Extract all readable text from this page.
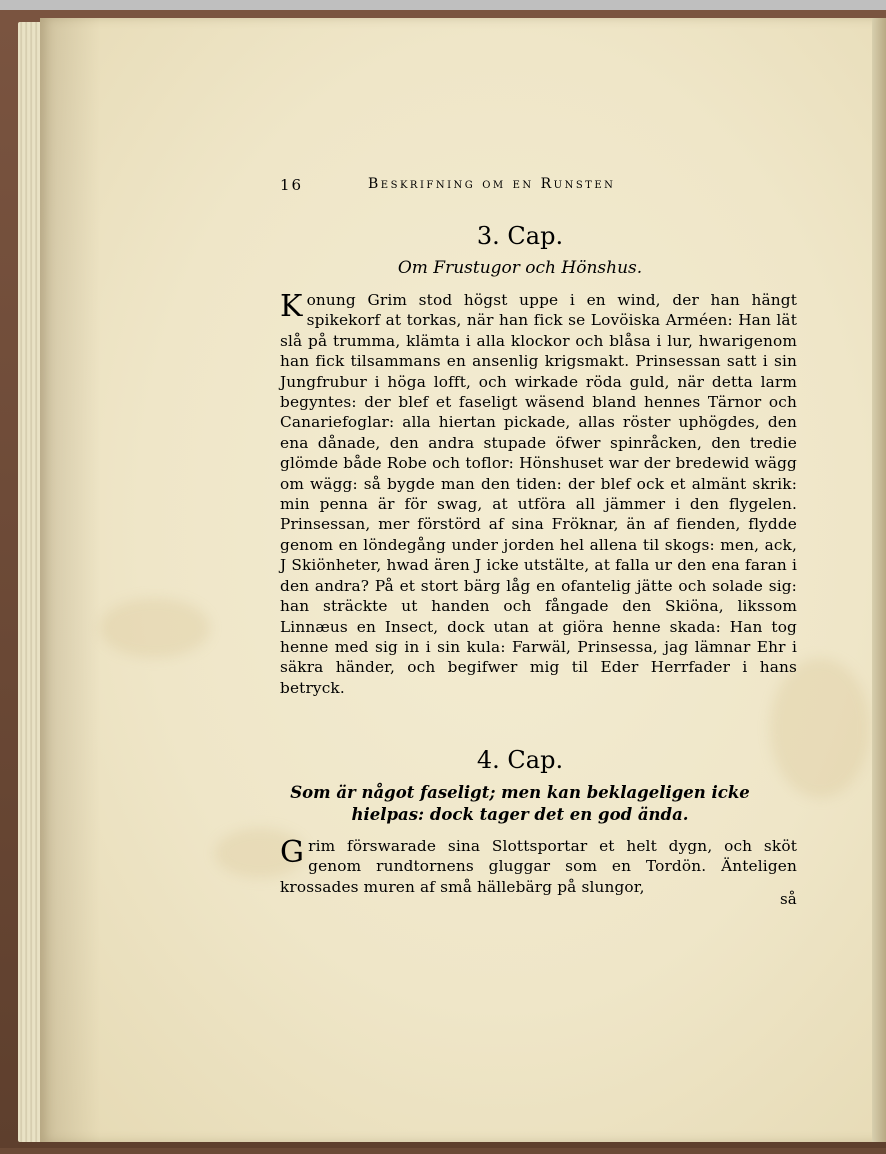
16	Beskrifning om en Runsten
3. Cap.
Om Frustugor och Hönshus.
Konung Grim stod högst uppe i en wind, der han hängt spikekorf at torkas, när han fick se Lovöiska Arméen: Han lät slå på trumma, klämta i alla klockor och blåsa i lur, hwarigenom han fick tilsammans en ansenlig krigsmakt. Prinsessan satt i sin Jungfrubur i höga lofft, och wirkade röda guld, när detta larm begyntes: der blef et faseligt wäsend bland hennes Tärnor och Canariefoglar: alla hiertan pickade, allas röster uphögdes, den ena dånade, den andra stupade öfwer spinråcken, den tredie glömde både Robe och toflor: Hönshuset war der bredewid wägg om wägg: så bygde man den tiden: der blef ock et almänt skrik: min penna är för swag, at utföra all jämmer i den flygelen. Prinsessan, mer förstörd af sina Fröknar, än af fienden, flydde genom en löndegång under jorden hel allena til skogs: men, ack, J Skiönheter, hwad ären J icke utstälte, at falla ur den ena faran i den andra? På et stort bärg låg en ofantelig jätte och solade sig: han sträckte ut handen och fångade den Skiöna, likssom Linnæus en Insect, dock utan at giöra henne skada: Han tog henne med sig in i sin kula: Farwäl, Prinsessa, jag lämnar Ehr i säkra händer, och begifwer mig til Eder Herrfader i hans betryck.
4. Cap.
Som är något faseligt; men kan beklageligen icke
hielpas: dock tager det en god ända.
Grim förswarade sina Slottsportar et helt dygn, och sköt genom rundtornens gluggar som en Tordön. Änteligen krossades muren af små hällebärg på slungor,
så
